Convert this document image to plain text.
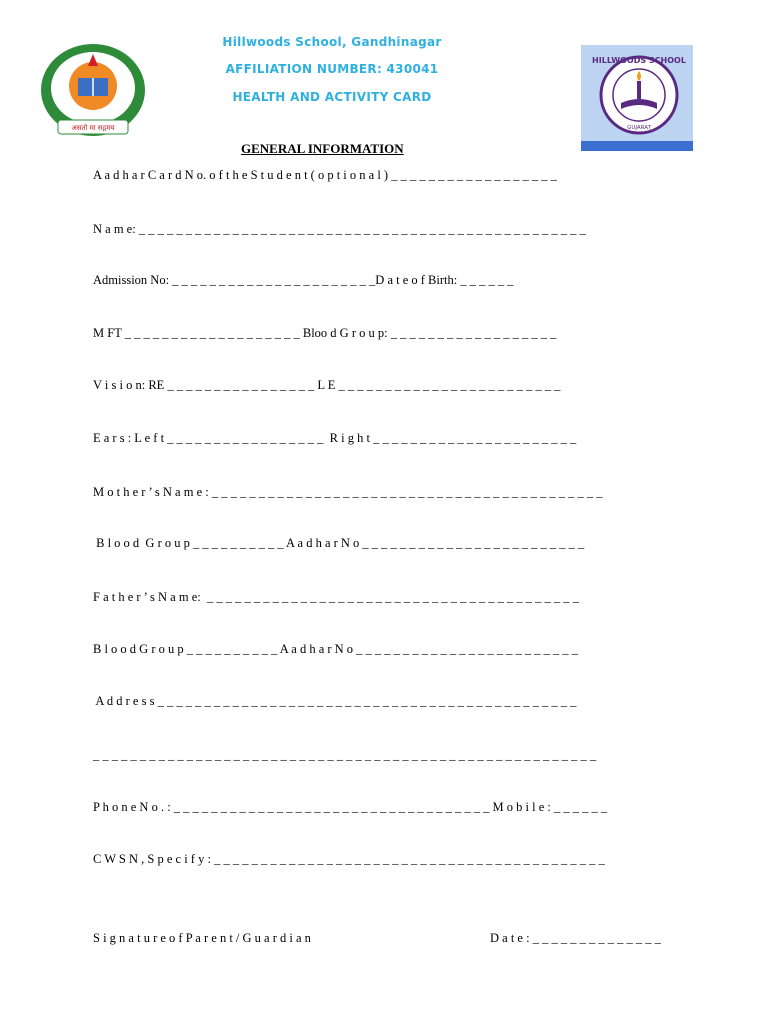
असतो मा सद्गमय
दिल्ली
HILLWOODS SCHOOL
GUJARAT
Hillwoods School, Gandhinagar
AFFILIATION NUMBER: 430041
HEALTH AND ACTIVITY CARD
GENERAL INFORMATION
A a d h a r C a r d N o. o f t h e S t u d e n t ( o p t i o n a l ) _ _ _ _ _ _ _ _ _ _ _ _ _ _ _ _ _ _
N a m e: _ _ _ _ _ _ _ _ _ _ _ _ _ _ _ _ _ _ _ _ _ _ _ _ _ _ _ _ _ _ _ _ _ _ _ _ _ _ _ _ _ _ _ _ _ _ _ _
Admission No: _ _ _ _ _ _ _ _ _ _ _ _ _ _ _ _ _ _ _ _ _ _D a t e o f Birth: _ _ _ _ _ _
M FT _ _ _ _ _ _ _ _ _ _ _ _ _ _ _ _ _ _ _ Bloo d G r o u p: _ _ _ _ _ _ _ _ _ _ _ _ _ _ _ _ _ _
V i s i o n: RE _ _ _ _ _ _ _ _ _ _ _ _ _ _ _ _ L E _ _ _ _ _ _ _ _ _ _ _ _ _ _ _ _ _ _ _ _ _ _ _ _
E a r s : L e f t _ _ _ _ _ _ _ _ _ _ _ _ _ _ _ _ _  R i g h t _ _ _ _ _ _ _ _ _ _ _ _ _ _ _ _ _ _ _ _ _ _
M o t h e r ’ s N a m e : _ _ _ _ _ _ _ _ _ _ _ _ _ _ _ _ _ _ _ _ _ _ _ _ _ _ _ _ _ _ _ _ _ _ _ _ _ _ _ _ _ _
B l o o d  G r o u p _ _ _ _ _ _ _ _ _ _ A a d h a r N o _ _ _ _ _ _ _ _ _ _ _ _ _ _ _ _ _ _ _ _ _ _ _ _
F a t h e r ’ s N a m e:  _ _ _ _ _ _ _ _ _ _ _ _ _ _ _ _ _ _ _ _ _ _ _ _ _ _ _ _ _ _ _ _ _ _ _ _ _ _ _ _
B l o o d G r o u p _ _ _ _ _ _ _ _ _ _ A a d h a r N o _ _ _ _ _ _ _ _ _ _ _ _ _ _ _ _ _ _ _ _ _ _ _ _
A d d r e s s _ _ _ _ _ _ _ _ _ _ _ _ _ _ _ _ _ _ _ _ _ _ _ _ _ _ _ _ _ _ _ _ _ _ _ _ _ _ _ _ _ _ _ _ _
_ _ _ _ _ _ _ _ _ _ _ _ _ _ _ _ _ _ _ _ _ _ _ _ _ _ _ _ _ _ _ _ _ _ _ _ _ _ _ _ _ _ _ _ _ _ _ _ _ _ _ _ _ _
P h o n e N o . : _ _ _ _ _ _ _ _ _ _ _ _ _ _ _ _ _ _ _ _ _ _ _ _ _ _ _ _ _ _ _ _ _ _ M o b i l e : _ _ _ _ _ _
C W S N , S p e c i f y : _ _ _ _ _ _ _ _ _ _ _ _ _ _ _ _ _ _ _ _ _ _ _ _ _ _ _ _ _ _ _ _ _ _ _ _ _ _ _ _ _ _
S i g n a t u r e o f P a r e n t / G u a r d i a n	D a t e : _ _ _ _ _ _ _ _ _ _ _ _ _ _
